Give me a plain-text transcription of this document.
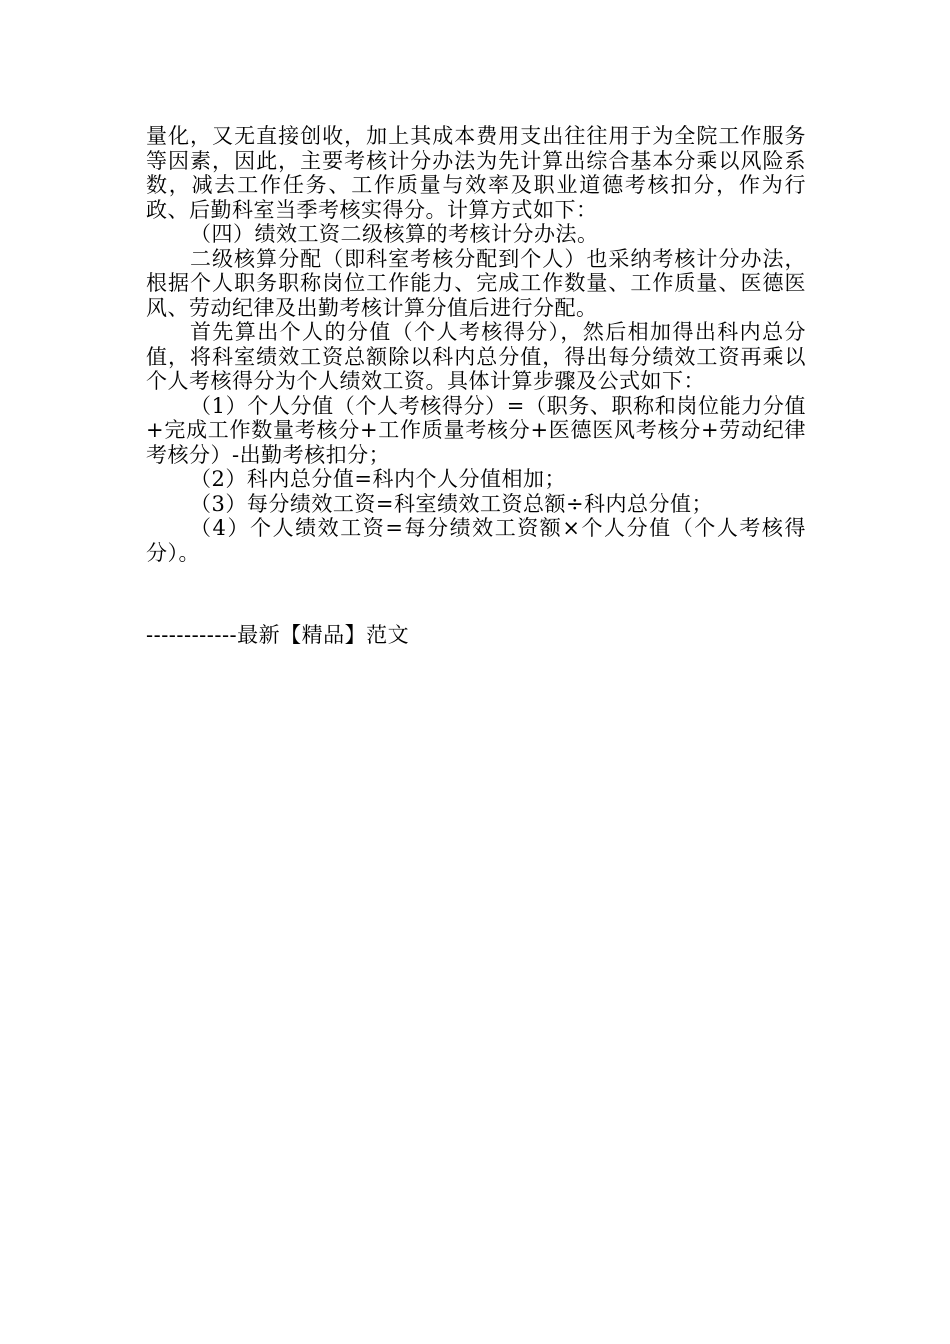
量化，又无直接创收，加上其成本费用支出往往用于为全院工作服务等因素，因此，主要考核计分办法为先计算出综合基本分乘以风险系数，减去工作任务、工作质量与效率及职业道德考核扣分，作为行政、后勤科室当季考核实得分。计算方式如下：

（四）绩效工资二级核算的考核计分办法。

二级核算分配（即科室考核分配到个人）也采纳考核计分办法，根据个人职务职称岗位工作能力、完成工作数量、工作质量、医德医风、劳动纪律及出勤考核计算分值后进行分配。

首先算出个人的分值（个人考核得分），然后相加得出科内总分值，将科室绩效工资总额除以科内总分值，得出每分绩效工资再乘以个人考核得分为个人绩效工资。具体计算步骤及公式如下：

（1）个人分值（个人考核得分）=（职务、职称和岗位能力分值+完成工作数量考核分+工作质量考核分+医德医风考核分+劳动纪律考核分）-出勤考核扣分；

（2）科内总分值=科内个人分值相加；

（3）每分绩效工资=科室绩效工资总额÷科内总分值；

（4）个人绩效工资=每分绩效工资额×个人分值（个人考核得分）。

------------最新【精品】范文
